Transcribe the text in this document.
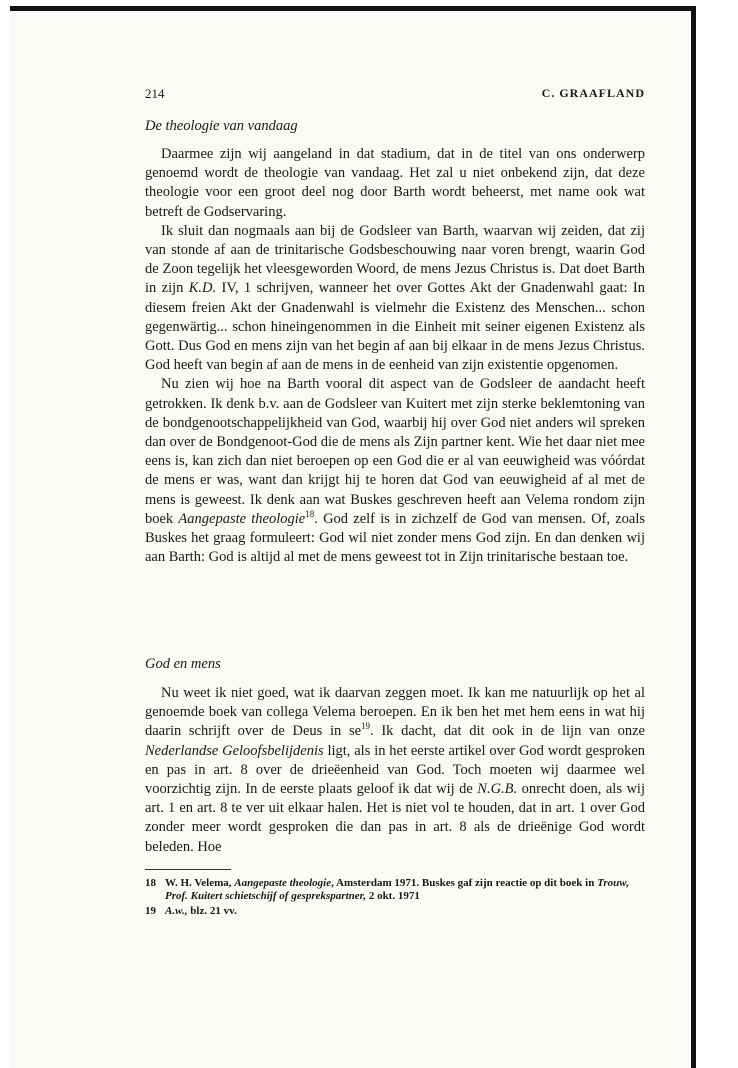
214	C. GRAAFLAND
De theologie van vandaag

Daarmee zijn wij aangeland in dat stadium, dat in de titel van ons onderwerp genoemd wordt de theologie van vandaag. Het zal u niet onbekend zijn, dat deze theologie voor een groot deel nog door Barth wordt beheerst, met name ook wat betreft de Godservaring.

Ik sluit dan nogmaals aan bij de Godsleer van Barth, waarvan wij zeiden, dat zij van stonde af aan de trinitarische Godsbeschouwing naar voren brengt, waarin God de Zoon tegelijk het vleesgeworden Woord, de mens Jezus Christus is. Dat doet Barth in zijn K.D. IV, 1 schrijven, wanneer het over Gottes Akt der Gnadenwahl gaat: In diesem freien Akt der Gnadenwahl is vielmehr die Existenz des Menschen... schon gegenwärtig... schon hineingenommen in die Einheit mit seiner eigenen Existenz als Gott. Dus God en mens zijn van het begin af aan bij elkaar in de mens Jezus Christus. God heeft van begin af aan de mens in de eenheid van zijn existentie opgenomen.

Nu zien wij hoe na Barth vooral dit aspect van de Godsleer de aandacht heeft getrokken. Ik denk b.v. aan de Godsleer van Kuitert met zijn sterke beklemtoning van de bondgenootschappelijkheid van God, waarbij hij over God niet anders wil spreken dan over de Bondgenoot-God die de mens als Zijn partner kent. Wie het daar niet mee eens is, kan zich dan niet beroepen op een God die er al van eeuwigheid was vóórdat de mens er was, want dan krijgt hij te horen dat God van eeuwigheid af al met de mens is geweest. Ik denk aan wat Buskes geschreven heeft aan Velema rondom zijn boek Aangepaste theologie$^{18}$. God zelf is in zichzelf de God van mensen. Of, zoals Buskes het graag formuleert: God wil niet zonder mens God zijn. En dan denken wij aan Barth: God is altijd al met de mens geweest tot in Zijn trinitarische bestaan toe.

God en mens

Nu weet ik niet goed, wat ik daarvan zeggen moet. Ik kan me natuurlijk op het al genoemde boek van collega Velema beroepen. En ik ben het met hem eens in wat hij daarin schrijft over de Deus in $se^{19}$. Ik dacht, dat dit ook in de lijn van onze Nederlandse Geloofsbelijdenis ligt, als in het eerste artikel over God wordt gesproken en pas in art. 8 over de drieëenheid van God. Toch moeten wij daarmee wel voorzichtig zijn. In de eerste plaats geloof ik dat wij de N.G.B. onrecht doen, als wij art. 1 en art. 8 te ver uit elkaar halen. Het is niet vol te houden, dat in art. 1 over God zonder meer wordt gesproken die dan pas in art. 8 als de drieënige God wordt beleden. Hoe

18 W. H. Velema, Aangepaste theologie, Amsterdam 1971. Buskes gaf zijn reactie op dit boek in Trouw, Prof. Kuitert schietschijf of gesprekspartner, 2 okt. 1971
19 A.w., blz. 21 vv.
